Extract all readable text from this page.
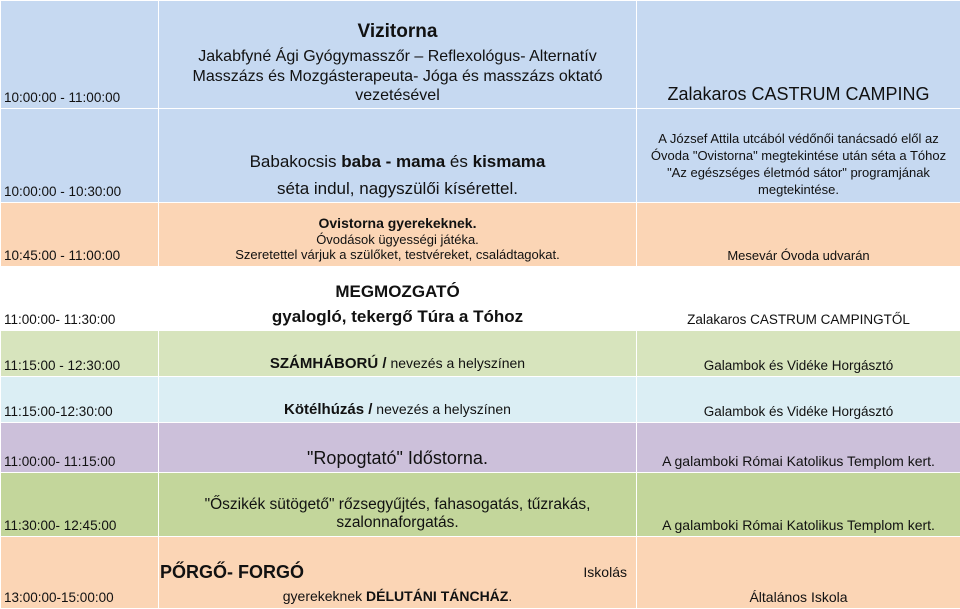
10:00:00 - 11:00:00	Vizitorna
Jakabfyné Ági Gyógymasszőr – Reflexológus- Alternatív
Masszázs és Mozgásterapeuta- Jóga és masszázs oktató
vezetésével	Zalakaros CASTRUM CAMPING
10:00:00 - 10:30:00	Babakocsis baba - mama és kismama
séta indul, nagyszülői kísérettel.	A József Attila utcából védőnői tanácsadó elől az Óvoda "Ovistorna" megtekintése után séta a Tóhoz "Az egészséges életmód sátor" programjának megtekintése.
10:45:00 - 11:00:00	Ovistorna gyerekeknek.
Óvodások ügyességi játéka.
Szeretettel várjuk a szülőket, testvéreket, családtagokat.	Mesevár Óvoda udvarán
11:00:00- 11:30:00	MEGMOZGATÓ
gyalogló, tekergő Túra a Tóhoz	Zalakaros CASTRUM CAMPINGTŐL
11:15:00 - 12:30:00	SZÁMHÁBORÚ / nevezés a helyszínen	Galambok és Vidéke Horgásztó
11:15:00-12:30:00	Kötélhúzás / nevezés a helyszínen	Galambok és Vidéke Horgásztó
11:00:00- 11:15:00	"Ropogtató" Időstorna.	A galamboki Római Katolikus Templom kert.
11:30:00- 12:45:00	"Őszikék sütögető" rőzsegyűjtés, fahasogatás, tűzrakás,
szalonnaforgatás.	A galamboki Római Katolikus Templom kert.
13:00:00-15:00:00	PŐRGŐ- FORGÓ Iskolás
gyerekeknek DÉLUTÁNI TÁNCHÁZ.	Általános Iskola
